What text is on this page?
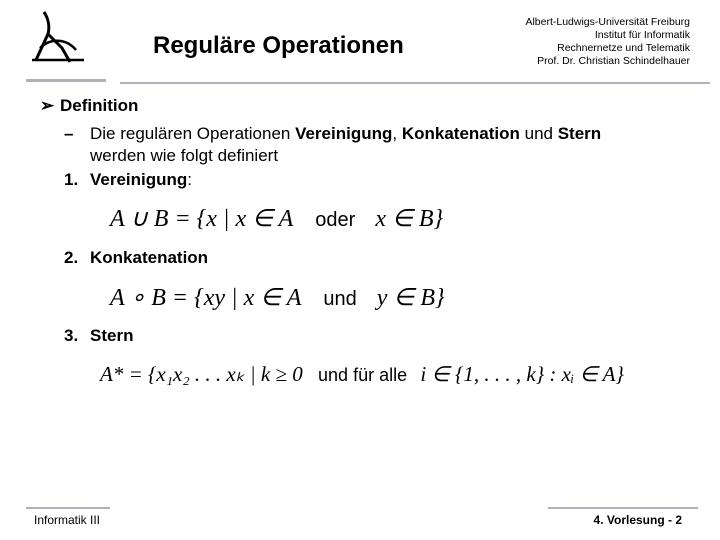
Reguläre Operationen
Albert-Ludwigs-Universität Freiburg
Institut für Informatik
Rechnernetze und Telematik
Prof. Dr. Christian Schindelhauer
➢ Definition
– Die regulären Operationen Vereinigung, Konkatenation und Stern
werden wie folgt definiert
1. Vereinigung:
A ∪ B = {x | x ∈ A oder x ∈ B}
2. Konkatenation
A ∘ B = {xy | x ∈ A und y ∈ B}
3. Stern
A* = {x₁x₂ . . . xₖ | k ≥ 0 und für alle i ∈ {1, . . . , k} : xᵢ ∈ A}
Informatik III	4. Vorlesung - 2
